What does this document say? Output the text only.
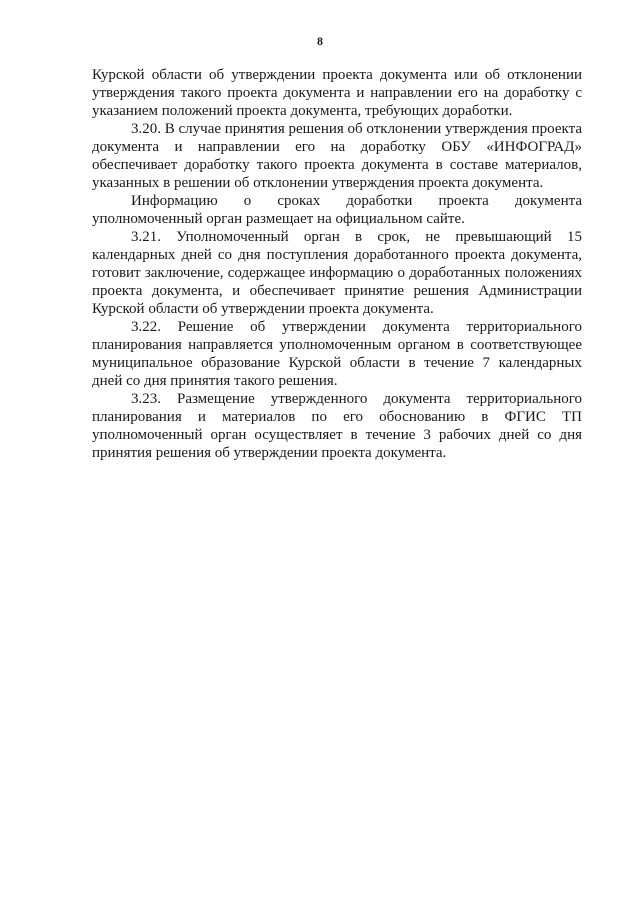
8

Курской области об утверждении проекта документа или об отклонении утверждения такого проекта документа и направлении его на доработку с указанием положений проекта документа, требующих доработки.

3.20. В случае принятия решения об отклонении утверждения проекта документа и направлении его на доработку ОБУ «ИНФОГРАД» обеспечивает доработку такого проекта документа в составе материалов, указанных в решении об отклонении утверждения проекта документа.

Информацию о сроках доработки проекта документа уполномоченный орган размещает на официальном сайте.

3.21. Уполномоченный орган в срок, не превышающий 15 календарных дней со дня поступления доработанного проекта документа, готовит заключение, содержащее информацию о доработанных положениях проекта документа, и обеспечивает принятие решения Администрации Курской области об утверждении проекта документа.

3.22. Решение об утверждении документа территориального планирования направляется уполномоченным органом в соответствующее муниципальное образование Курской области в течение 7 календарных дней со дня принятия такого решения.

3.23. Размещение утвержденного документа территориального планирования и материалов по его обоснованию в ФГИС ТП уполномоченный орган осуществляет в течение 3 рабочих дней со дня принятия решения об утверждении проекта документа.
